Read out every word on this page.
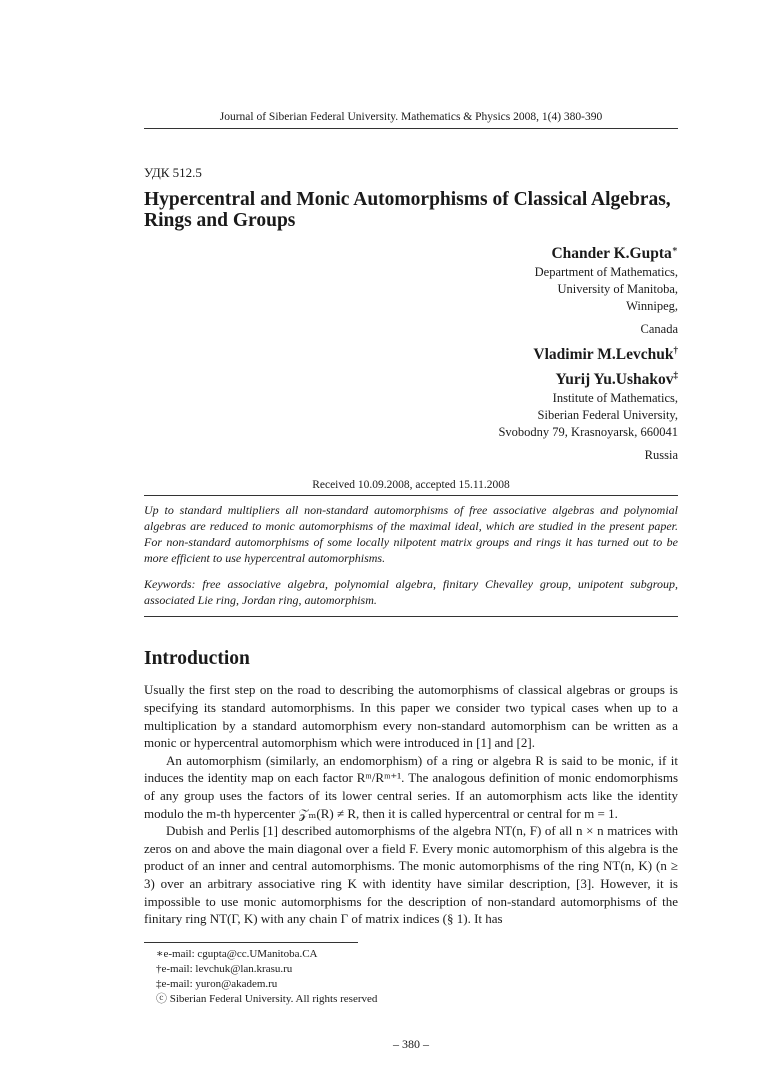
Journal of Siberian Federal University. Mathematics & Physics 2008, 1(4) 380-390
УДК 512.5
Hypercentral and Monic Automorphisms of Classical Algebras, Rings and Groups
Chander K.Gupta∗
Department of Mathematics,
University of Manitoba,
Winnipeg,
Canada
Vladimir M.Levchuk†
Yurij Yu.Ushakov‡
Institute of Mathematics,
Siberian Federal University,
Svobodny 79, Krasnoyarsk, 660041
Russia
Received 10.09.2008, accepted 15.11.2008
Up to standard multipliers all non-standard automorphisms of free associative algebras and polynomial algebras are reduced to monic automorphisms of the maximal ideal, which are studied in the present paper. For non-standard automorphisms of some locally nilpotent matrix groups and rings it has turned out to be more efficient to use hypercentral automorphisms.
Keywords: free associative algebra, polynomial algebra, finitary Chevalley group, unipotent subgroup, associated Lie ring, Jordan ring, automorphism.
Introduction

Usually the first step on the road to describing the automorphisms of classical algebras or groups is specifying its standard automorphisms. In this paper we consider two typical cases when up to a multiplication by a standard automorphism every non-standard automorphism can be written as a monic or hypercentral automorphism which were introduced in [1] and [2].

An automorphism (similarly, an endomorphism) of a ring or algebra R is said to be monic, if it induces the identity map on each factor Rᵐ/Rᵐ⁺¹. The analogous definition of monic endomorphisms of any group uses the factors of its lower central series. If an automorphism acts like the identity modulo the m-th hypercenter 𝒵ₘ(R) ≠ R, then it is called hypercentral or central for m = 1.

Dubish and Perlis [1] described automorphisms of the algebra NT(n, F) of all n × n matrices with zeros on and above the main diagonal over a field F. Every monic automorphism of this algebra is the product of an inner and central automorphisms. The monic automorphisms of the ring NT(n, K) (n ≥ 3) over an arbitrary associative ring K with identity have similar description, [3]. However, it is impossible to use monic automorphisms for the description of non-standard automorphisms of the finitary ring NT(Γ, K) with any chain Γ of matrix indices (§ 1). It has

∗e-mail: cgupta@cc.UManitoba.CA
†e-mail: levchuk@lan.krasu.ru
‡e-mail: yuron@akadem.ru
ⓒ Siberian Federal University. All rights reserved
– 380 –
